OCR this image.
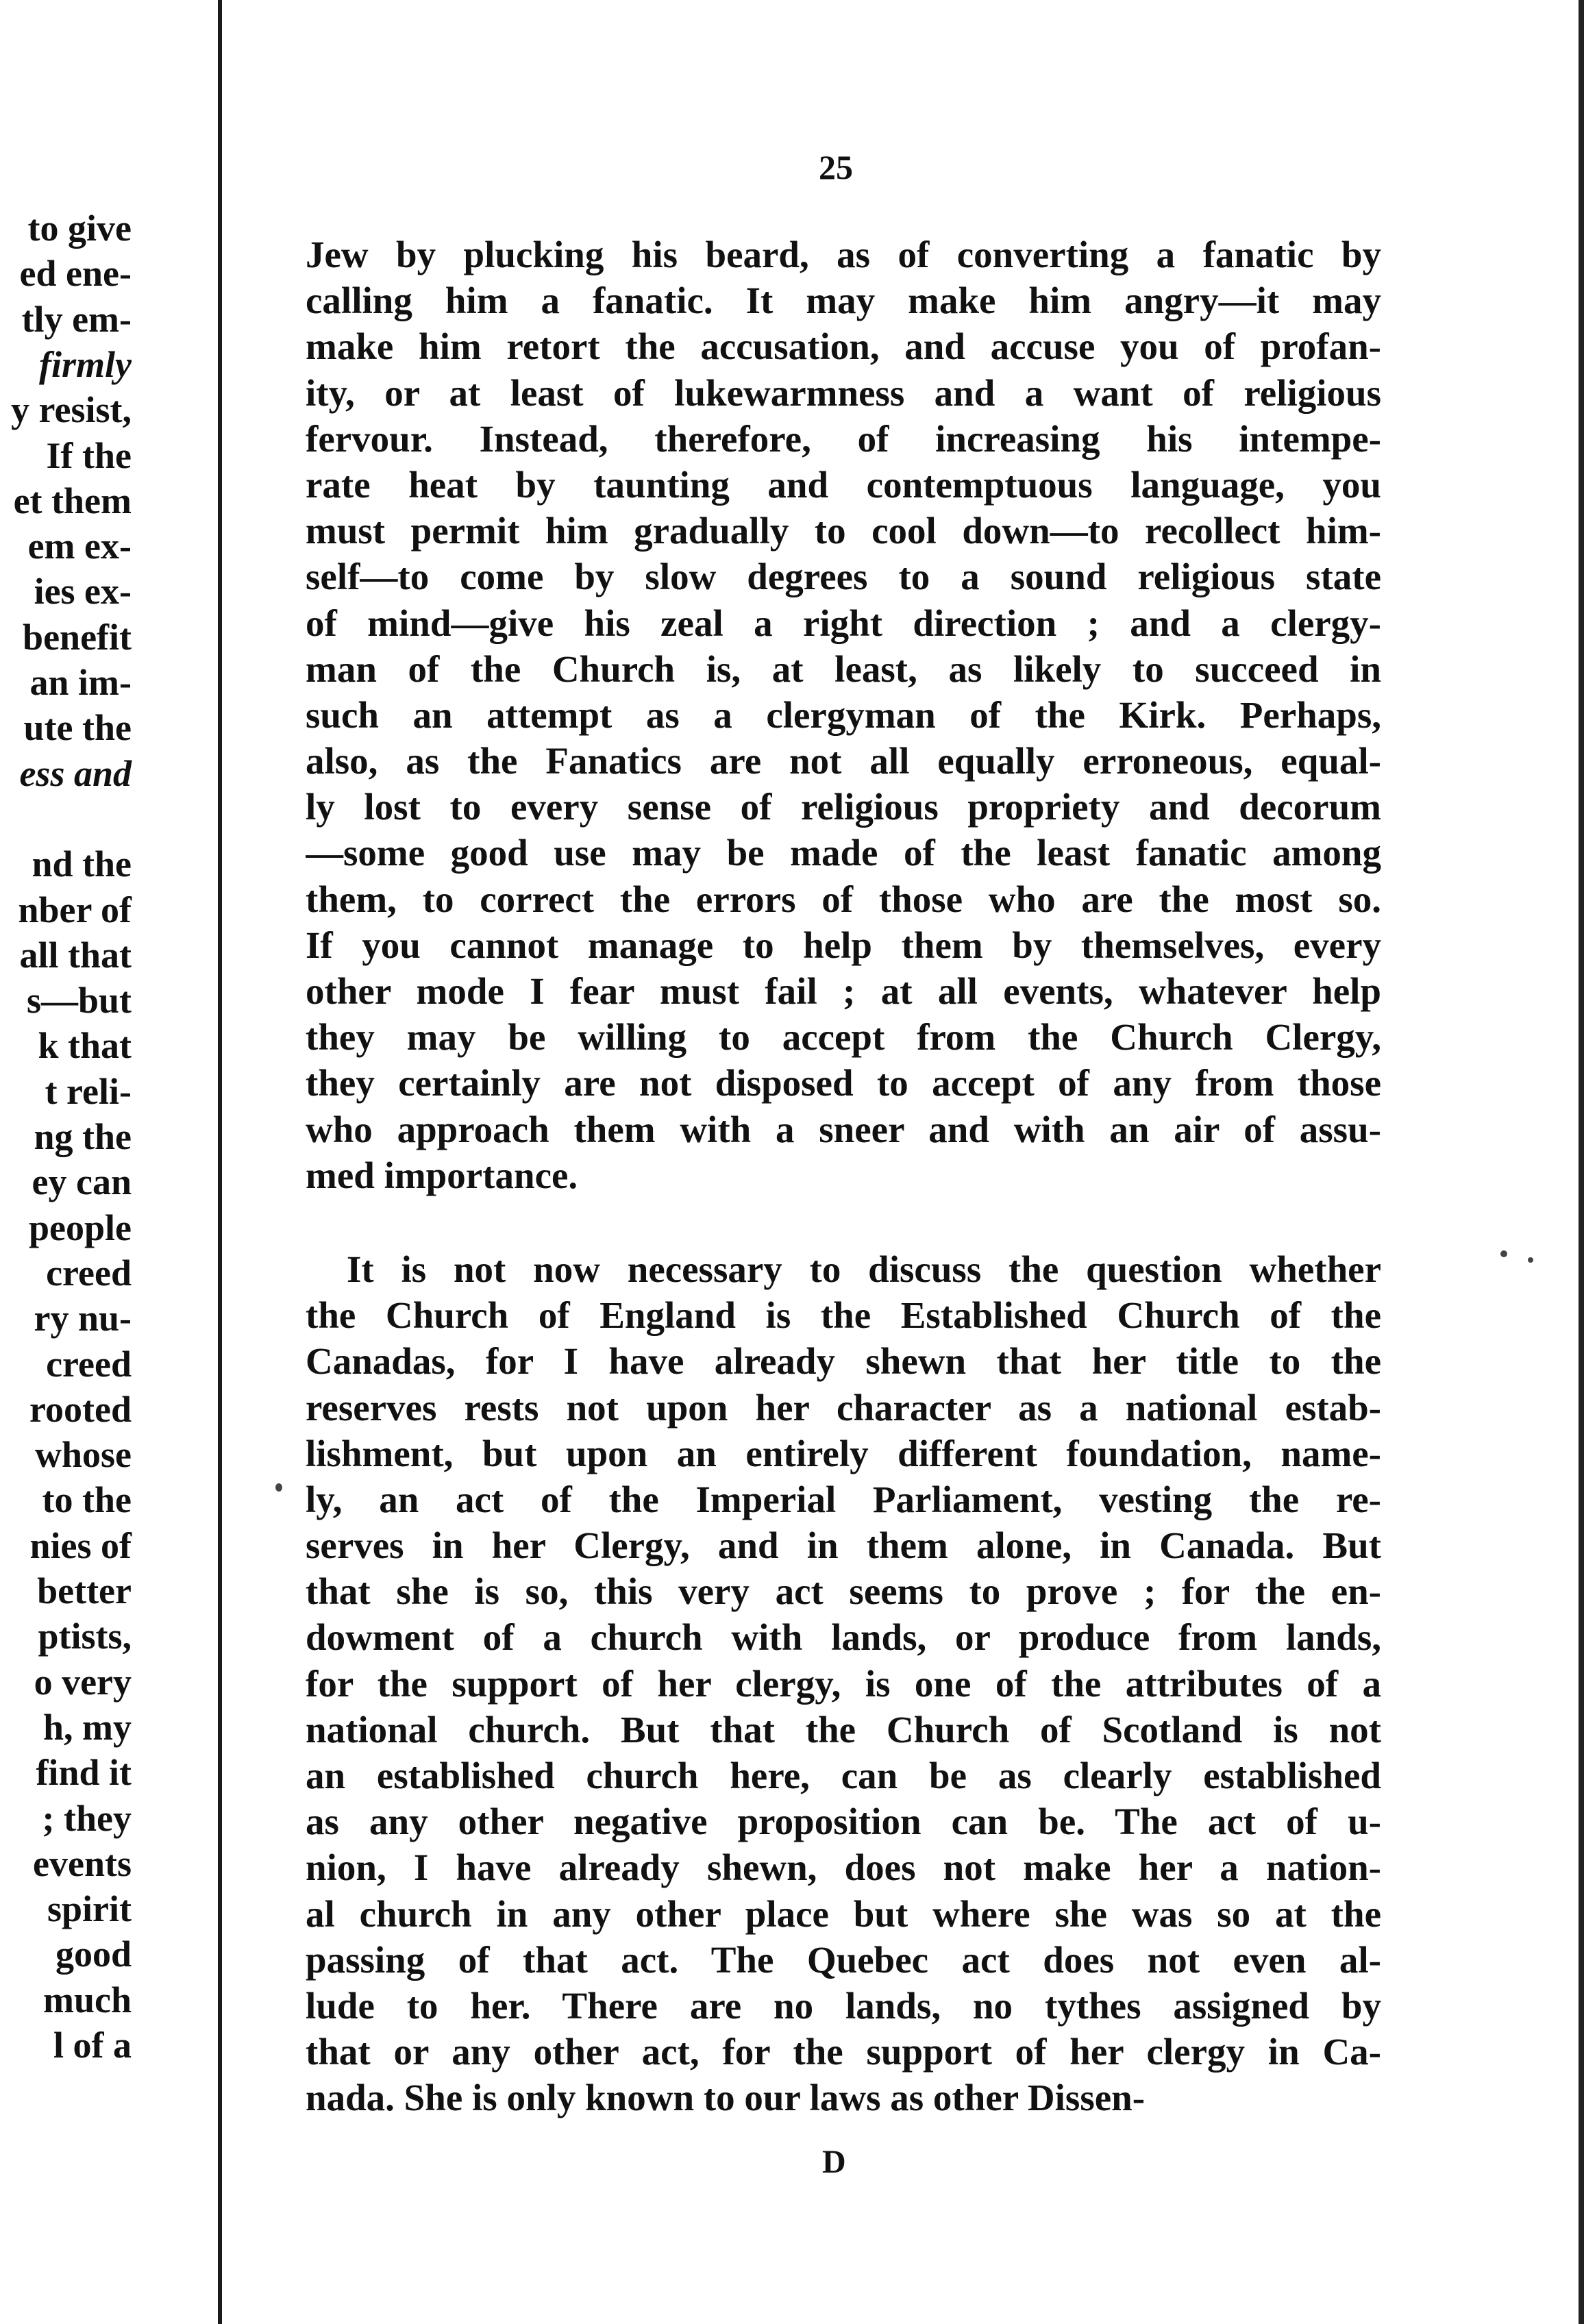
to give
ed ene-
tly em-
firmly
y resist,
If the
et them
em ex-
ies ex-
benefit
an im-
ute the
ess and
nd the
nber of
all that
s—but
k that
t reli-
ng the
ey can
people
creed
ry nu-
creed
rooted
whose
to the
nies of
better
ptists,
o very
h, my
find it
; they
events
spirit
good
much
l of a
25
Jew by plucking his beard, as of converting a fanatic by
calling him a fanatic. It may make him angry—it may
make him retort the accusation, and accuse you of profan-
ity, or at least of lukewarmness and a want of religious
fervour. Instead, therefore, of increasing his intempe-
rate heat by taunting and contemptuous language, you
must permit him gradually to cool down—to recollect him-
self—to come by slow degrees to a sound religious state
of mind—give his zeal a right direction ; and a clergy-
man of the Church is, at least, as likely to succeed in
such an attempt as a clergyman of the Kirk. Perhaps,
also, as the Fanatics are not all equally erroneous, equal-
ly lost to every sense of religious propriety and decorum
—some good use may be made of the least fanatic among
them, to correct the errors of those who are the most so.
If you cannot manage to help them by themselves, every
other mode I fear must fail ; at all events, whatever help
they may be willing to accept from the Church Clergy,
they certainly are not disposed to accept of any from those
who approach them with a sneer and with an air of assu-
med importance.
It is not now necessary to discuss the question whether
the Church of England is the Established Church of the
Canadas, for I have already shewn that her title to the
reserves rests not upon her character as a national estab-
lishment, but upon an entirely different foundation, name-
ly, an act of the Imperial Parliament, vesting the re-
serves in her Clergy, and in them alone, in Canada. But
that she is so, this very act seems to prove ; for the en-
dowment of a church with lands, or produce from lands,
for the support of her clergy, is one of the attributes of a
national church. But that the Church of Scotland is not
an established church here, can be as clearly established
as any other negative proposition can be. The act of u-
nion, I have already shewn, does not make her a nation-
al church in any other place but where she was so at the
passing of that act. The Quebec act does not even al-
lude to her. There are no lands, no tythes assigned by
that or any other act, for the support of her clergy in Ca-
nada. She is only known to our laws as other Dissen-
D
